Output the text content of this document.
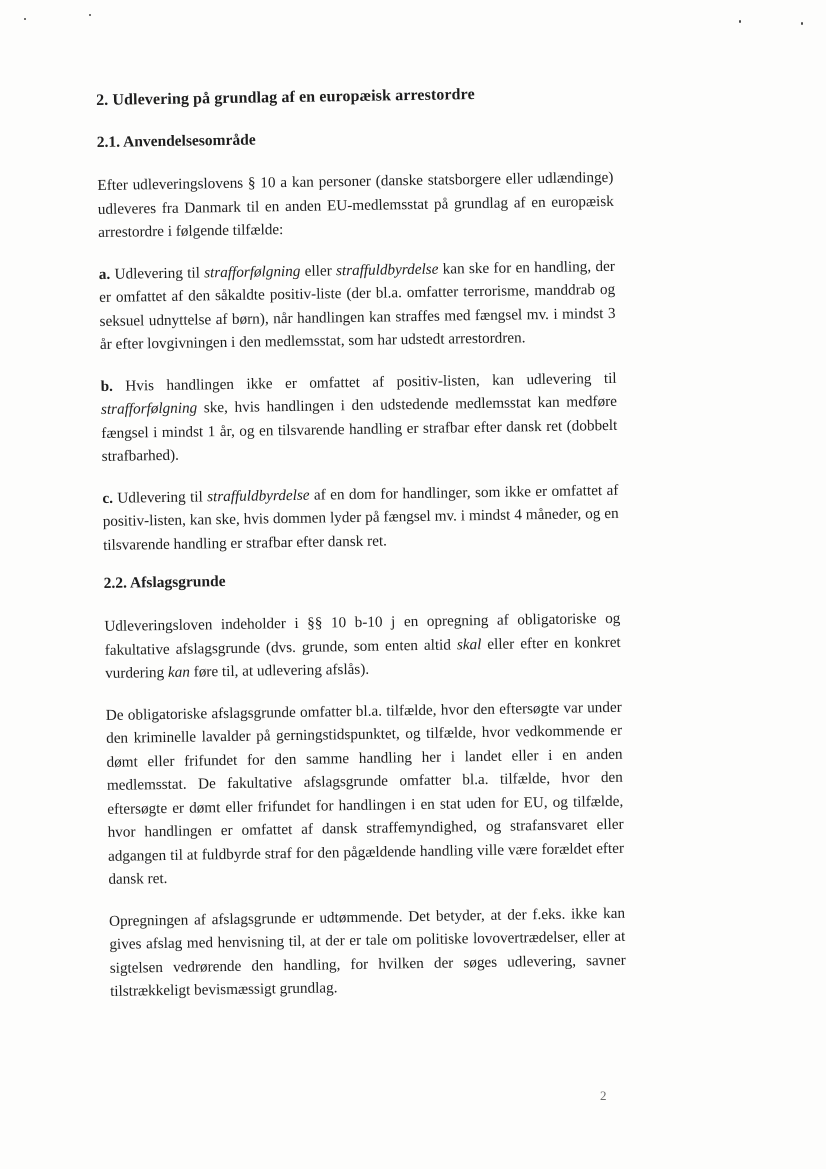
2. Udlevering på grundlag af en europæisk arrestordre
2.1. Anvendelsesområde

Efter udleveringslovens § 10 a kan personer (danske statsborgere eller udlændinge) udleveres fra Danmark til en anden EU-medlemsstat på grundlag af en europæisk arrestordre i følgende tilfælde:

a. Udlevering til strafforfølgning eller straffuldbyrdelse kan ske for en handling, der er omfattet af den såkaldte positiv-liste (der bl.a. omfatter terrorisme, manddrab og seksuel udnyttelse af børn), når handlingen kan straffes med fængsel mv. i mindst 3 år efter lovgivningen i den medlemsstat, som har udstedt arrestordren.

b. Hvis handlingen ikke er omfattet af positiv-listen, kan udlevering til strafforfølgning ske, hvis handlingen i den udstedende medlemsstat kan medføre fængsel i mindst 1 år, og en tilsvarende handling er strafbar efter dansk ret (dobbelt strafbarhed).

c. Udlevering til straffuldbyrdelse af en dom for handlinger, som ikke er omfattet af positiv-listen, kan ske, hvis dommen lyder på fængsel mv. i mindst 4 måneder, og en tilsvarende handling er strafbar efter dansk ret.

2.2. Afslagsgrunde

Udleveringsloven indeholder i §§ 10 b-10 j en opregning af obligatoriske og fakultative afslagsgrunde (dvs. grunde, som enten altid skal eller efter en konkret vurdering kan føre til, at udlevering afslås).

De obligatoriske afslagsgrunde omfatter bl.a. tilfælde, hvor den eftersøgte var under den kriminelle lavalder på gerningstidspunktet, og tilfælde, hvor vedkommende er dømt eller frifundet for den samme handling her i landet eller i en anden medlemsstat. De fakultative afslagsgrunde omfatter bl.a. tilfælde, hvor den eftersøgte er dømt eller frifundet for handlingen i en stat uden for EU, og tilfælde, hvor handlingen er omfattet af dansk straffemyndighed, og strafansvaret eller adgangen til at fuldbyrde straf for den pågældende handling ville være forældet efter dansk ret.

Opregningen af afslagsgrunde er udtømmende. Det betyder, at der f.eks. ikke kan gives afslag med henvisning til, at der er tale om politiske lovovertrædelser, eller at sigtelsen vedrørende den handling, for hvilken der søges udlevering, savner tilstrækkeligt bevismæssigt grundlag.

2
